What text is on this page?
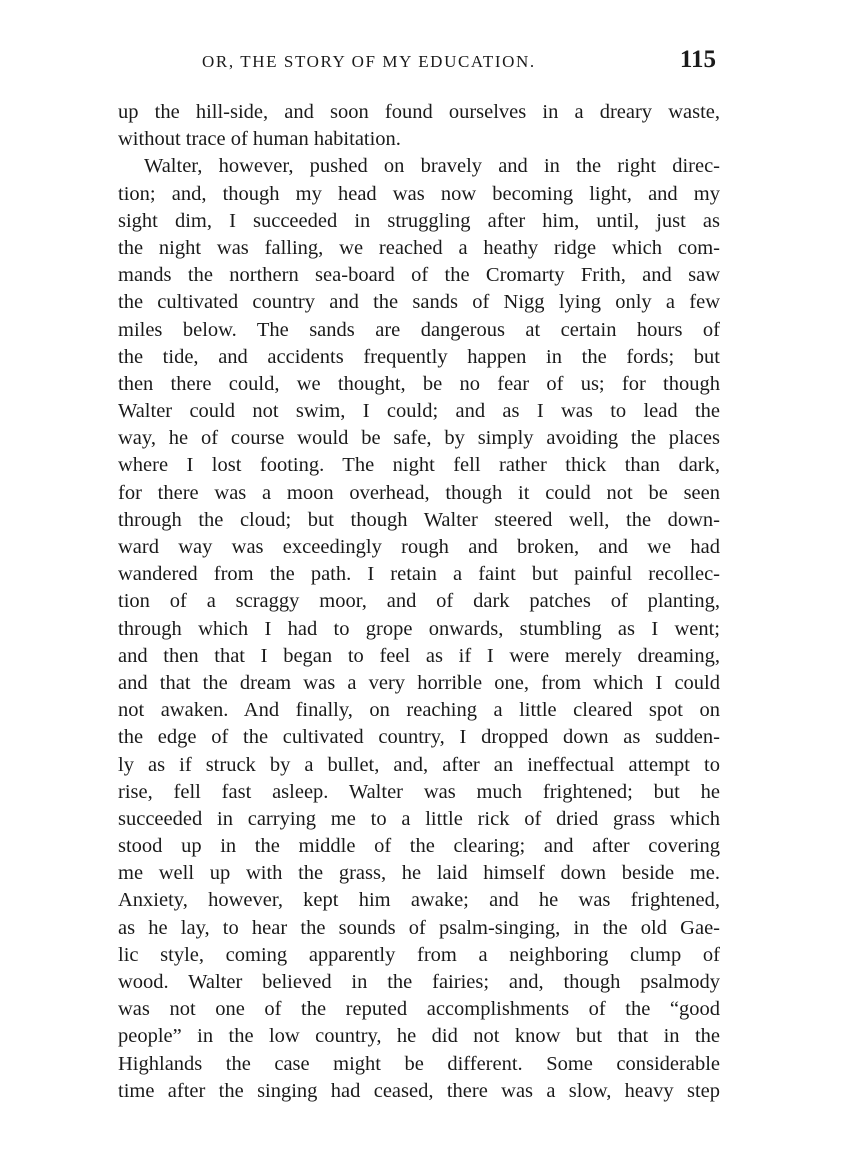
OR, THE STORY OF MY EDUCATION.	115
up the hill-side, and soon found ourselves in a dreary waste,
without trace of human habitation.
Walter, however, pushed on bravely and in the right direc-
tion; and, though my head was now becoming light, and my
sight dim, I succeeded in struggling after him, until, just as
the night was falling, we reached a heathy ridge which com-
mands the northern sea-board of the Cromarty Frith, and saw
the cultivated country and the sands of Nigg lying only a few
miles below. The sands are dangerous at certain hours of
the tide, and accidents frequently happen in the fords; but
then there could, we thought, be no fear of us; for though
Walter could not swim, I could; and as I was to lead the
way, he of course would be safe, by simply avoiding the places
where I lost footing. The night fell rather thick than dark,
for there was a moon overhead, though it could not be seen
through the cloud; but though Walter steered well, the down-
ward way was exceedingly rough and broken, and we had
wandered from the path. I retain a faint but painful recollec-
tion of a scraggy moor, and of dark patches of planting,
through which I had to grope onwards, stumbling as I went;
and then that I began to feel as if I were merely dreaming,
and that the dream was a very horrible one, from which I could
not awaken. And finally, on reaching a little cleared spot on
the edge of the cultivated country, I dropped down as sudden-
ly as if struck by a bullet, and, after an ineffectual attempt to
rise, fell fast asleep. Walter was much frightened; but he
succeeded in carrying me to a little rick of dried grass which
stood up in the middle of the clearing; and after covering
me well up with the grass, he laid himself down beside me.
Anxiety, however, kept him awake; and he was frightened,
as he lay, to hear the sounds of psalm-singing, in the old Gae-
lic style, coming apparently from a neighboring clump of
wood. Walter believed in the fairies; and, though psalmody
was not one of the reputed accomplishments of the “good
people” in the low country, he did not know but that in the
Highlands the case might be different. Some considerable
time after the singing had ceased, there was a slow, heavy step
